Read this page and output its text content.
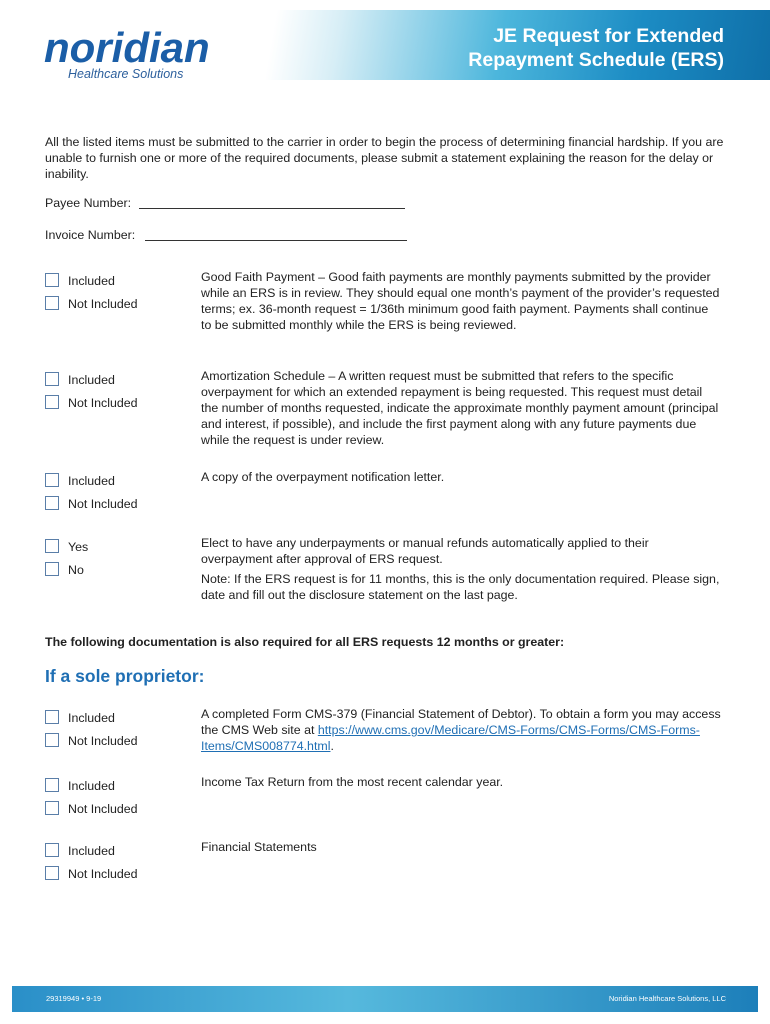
JE Request for Extended
Repayment Schedule (ERS)
noridian
Healthcare Solutions
All the listed items must be submitted to the carrier in order to begin the process of determining financial hardship. If you are unable to furnish one or more of the required documents, please submit a statement explaining the reason for the delay or inability.
Payee Number:
Invoice Number:
Included
Not Included
Good Faith Payment – Good faith payments are monthly payments submitted by the provider while an ERS is in review. They should equal one month’s payment of the provider’s requested terms; ex. 36-month request = 1/36th minimum good faith payment. Payments shall continue to be submitted monthly while the ERS is being reviewed.
Included
Not Included
Amortization Schedule – A written request must be submitted that refers to the specific overpayment for which an extended repayment is being requested. This request must detail the number of months requested, indicate the approximate monthly payment amount (principal and interest, if possible), and include the first payment along with any future payments due while the request is under review.
Included
Not Included
A copy of the overpayment notification letter.
Yes
No
Elect to have any underpayments or manual refunds automatically applied to their overpayment after approval of ERS request.
Note: If the ERS request is for 11 months, this is the only documentation required. Please sign, date and fill out the disclosure statement on the last page.
The following documentation is also required for all ERS requests 12 months or greater:
If a sole proprietor:
Included
Not Included
A completed Form CMS-379 (Financial Statement of Debtor). To obtain a form you may access the CMS Web site at https://www.cms.gov/Medicare/CMS-Forms/CMS-Forms/CMS-Forms-Items/CMS008774.html.
Included
Not Included
Income Tax Return from the most recent calendar year.
Included
Not Included
Financial Statements
29319949 • 9-19	Noridian Healthcare Solutions, LLC
